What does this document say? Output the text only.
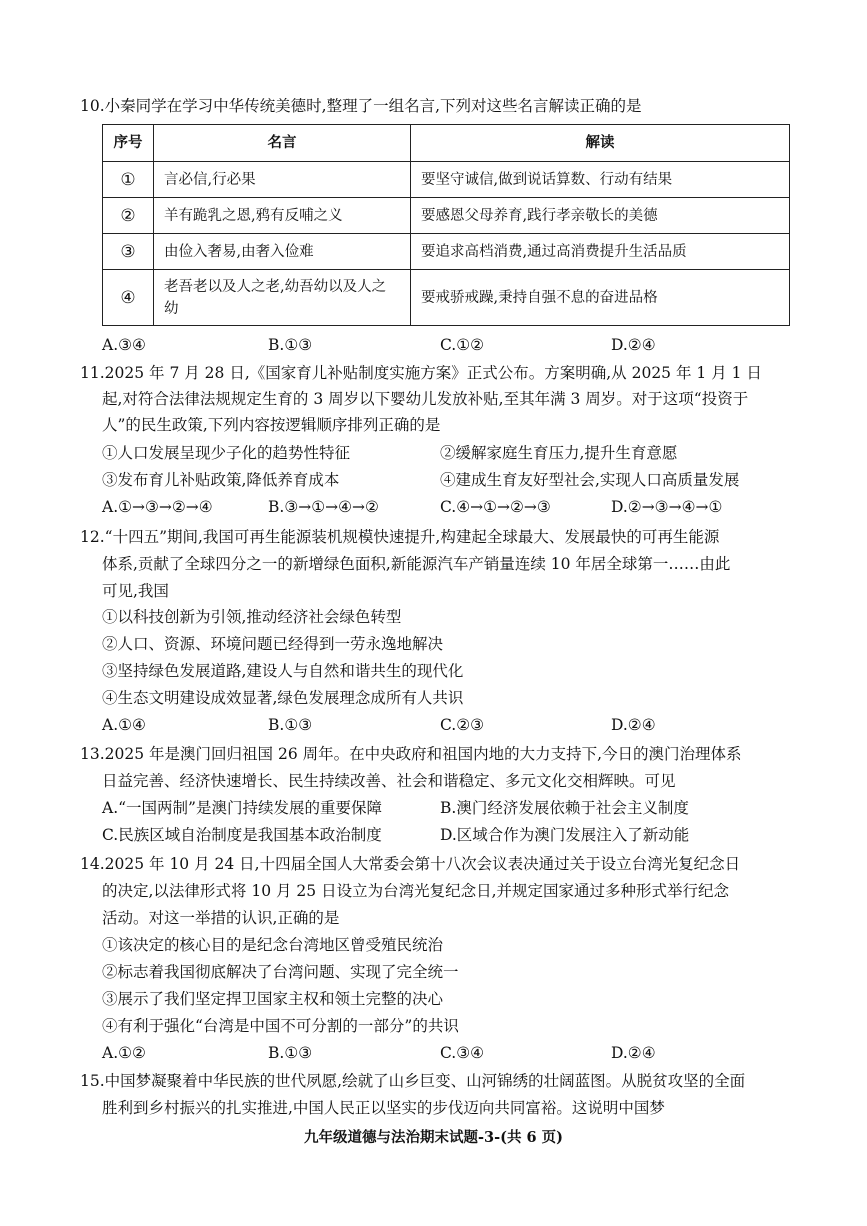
10.小秦同学在学习中华传统美德时,整理了一组名言,下列对这些名言解读正确的是
序号	名言	解读
①	言必信,行必果	要坚守诚信,做到说话算数、行动有结果
②	羊有跪乳之恩,鸦有反哺之义	要感恩父母养育,践行孝亲敬长的美德
③	由俭入奢易,由奢入俭难	要追求高档消费,通过高消费提升生活品质
④	老吾老以及人之老,幼吾幼以及人之幼	要戒骄戒躁,秉持自强不息的奋进品格
A.③④	B.①③	C.①②	D.②④
11.2025 年 7 月 28 日,《国家育儿补贴制度实施方案》正式公布。方案明确,从 2025 年 1 月 1 日
起,对符合法律法规规定生育的 3 周岁以下婴幼儿发放补贴,至其年满 3 周岁。对于这项“投资于
人”的民生政策,下列内容按逻辑顺序排列正确的是
①人口发展呈现少子化的趋势性特征	②缓解家庭生育压力,提升生育意愿
③发布育儿补贴政策,降低养育成本	④建成生育友好型社会,实现人口高质量发展
A.①→③→②→④	B.③→①→④→②	C.④→①→②→③	D.②→③→④→①
12.“十四五”期间,我国可再生能源装机规模快速提升,构建起全球最大、发展最快的可再生能源
体系,贡献了全球四分之一的新增绿色面积,新能源汽车产销量连续 10 年居全球第一……由此
可见,我国
①以科技创新为引领,推动经济社会绿色转型
②人口、资源、环境问题已经得到一劳永逸地解决
③坚持绿色发展道路,建设人与自然和谐共生的现代化
④生态文明建设成效显著,绿色发展理念成所有人共识
A.①④	B.①③	C.②③	D.②④
13.2025 年是澳门回归祖国 26 周年。在中央政府和祖国内地的大力支持下,今日的澳门治理体系
日益完善、经济快速增长、民生持续改善、社会和谐稳定、多元文化交相辉映。可见
A.“一国两制”是澳门持续发展的重要保障	B.澳门经济发展依赖于社会主义制度
C.民族区域自治制度是我国基本政治制度	D.区域合作为澳门发展注入了新动能
14.2025 年 10 月 24 日,十四届全国人大常委会第十八次会议表决通过关于设立台湾光复纪念日
的决定,以法律形式将 10 月 25 日设立为台湾光复纪念日,并规定国家通过多种形式举行纪念
活动。对这一举措的认识,正确的是
①该决定的核心目的是纪念台湾地区曾受殖民统治
②标志着我国彻底解决了台湾问题、实现了完全统一
③展示了我们坚定捍卫国家主权和领土完整的决心
④有利于强化“台湾是中国不可分割的一部分”的共识
A.①②	B.①③	C.③④	D.②④
15.中国梦凝聚着中华民族的世代夙愿,绘就了山乡巨变、山河锦绣的壮阔蓝图。从脱贫攻坚的全面
胜利到乡村振兴的扎实推进,中国人民正以坚实的步伐迈向共同富裕。这说明中国梦
九年级道德与法治期末试题-3-(共 6 页)
